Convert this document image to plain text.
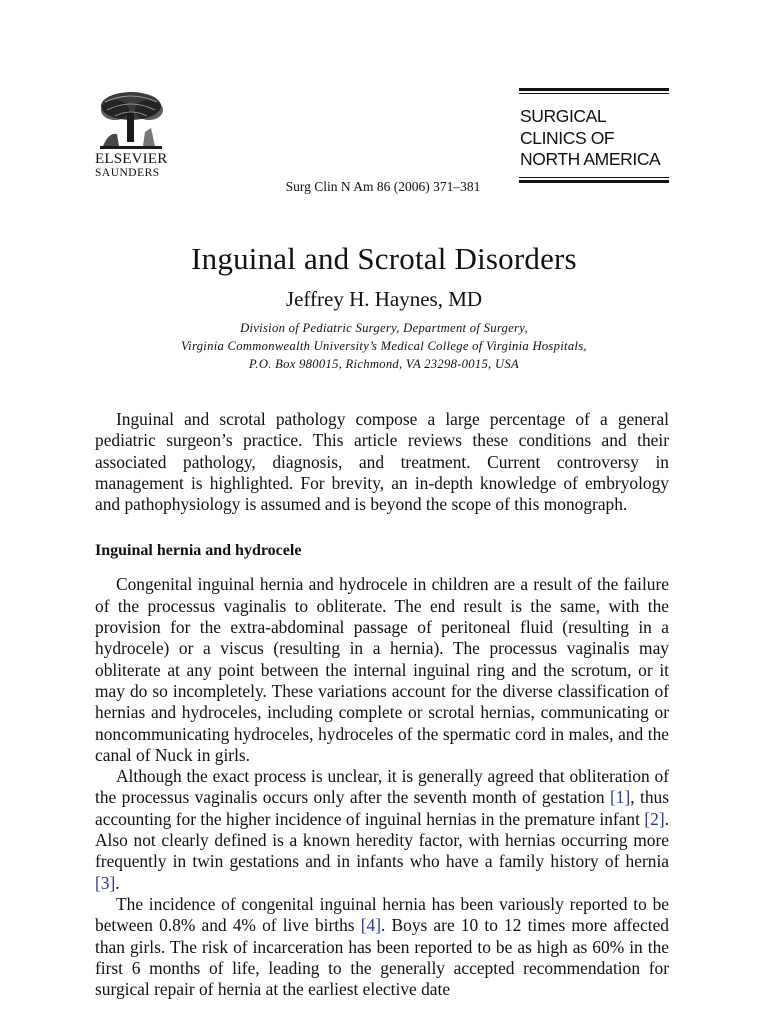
ELSEVIER
SAUNDERS
SURGICAL
CLINICS OF
NORTH AMERICA
Surg Clin N Am 86 (2006) 371–381
Inguinal and Scrotal Disorders
Jeffrey H. Haynes, MD
Division of Pediatric Surgery, Department of Surgery,
Virginia Commonwealth University’s Medical College of Virginia Hospitals,
P.O. Box 980015, Richmond, VA 23298-0015, USA

Inguinal and scrotal pathology compose a large percentage of a general pediatric surgeon’s practice. This article reviews these conditions and their associated pathology, diagnosis, and treatment. Current controversy in management is highlighted. For brevity, an in-depth knowledge of embryology and pathophysiology is assumed and is beyond the scope of this monograph.

Inguinal hernia and hydrocele

Congenital inguinal hernia and hydrocele in children are a result of the failure of the processus vaginalis to obliterate. The end result is the same, with the provision for the extra-abdominal passage of peritoneal fluid (resulting in a hydrocele) or a viscus (resulting in a hernia). The processus vaginalis may obliterate at any point between the internal inguinal ring and the scrotum, or it may do so incompletely. These variations account for the diverse classification of hernias and hydroceles, including complete or scrotal hernias, communicating or noncommunicating hydroceles, hydroceles of the spermatic cord in males, and the canal of Nuck in girls.

Although the exact process is unclear, it is generally agreed that obliteration of the processus vaginalis occurs only after the seventh month of gestation [1], thus accounting for the higher incidence of inguinal hernias in the premature infant [2]. Also not clearly defined is a known heredity factor, with hernias occurring more frequently in twin gestations and in infants who have a family history of hernia [3].

The incidence of congenital inguinal hernia has been variously reported to be between 0.8% and 4% of live births [4]. Boys are 10 to 12 times more affected than girls. The risk of incarceration has been reported to be as high as 60% in the first 6 months of life, leading to the generally accepted recommendation for surgical repair of hernia at the earliest elective date
